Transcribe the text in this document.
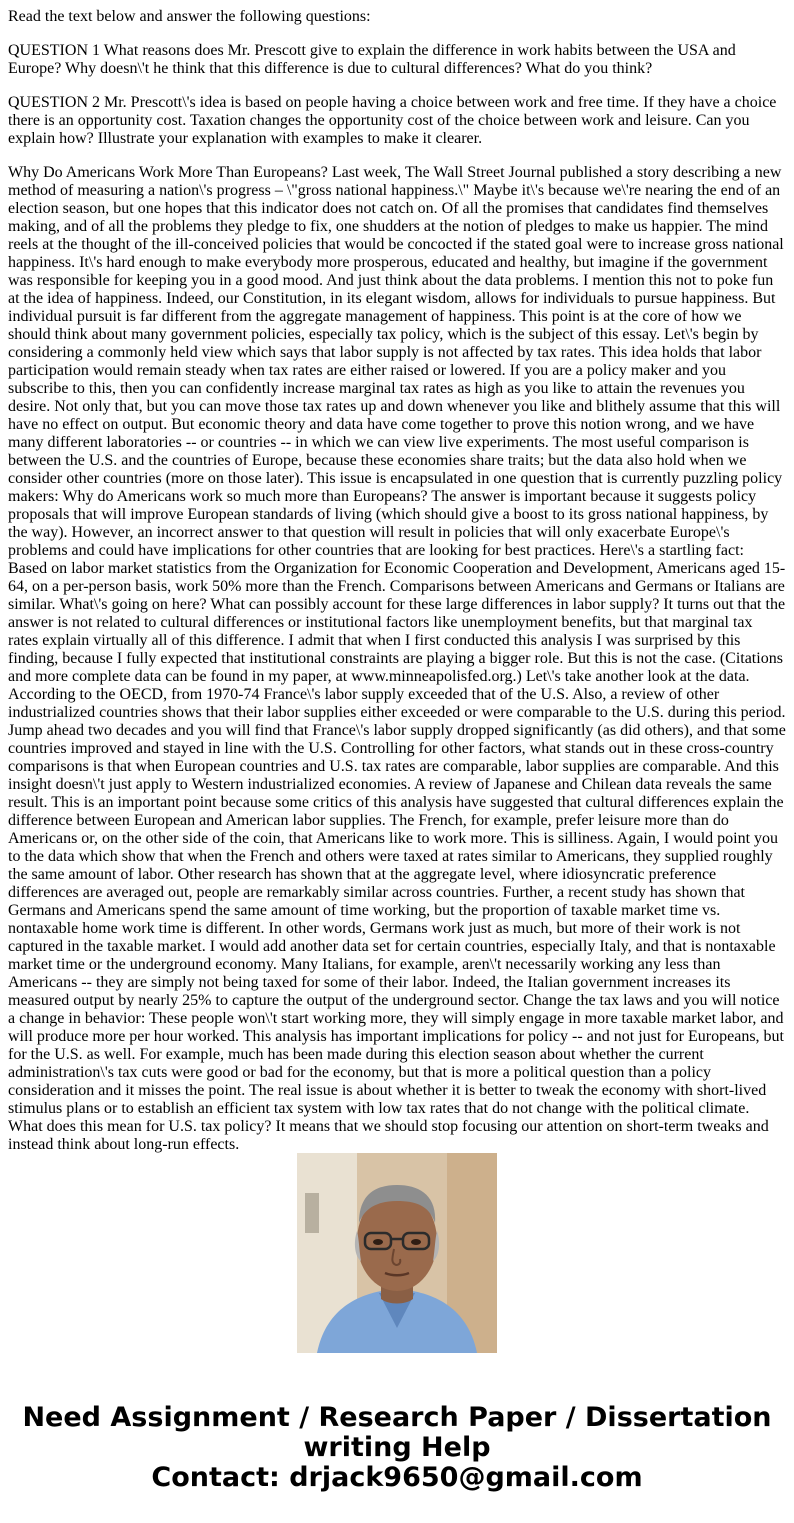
Read the text below and answer the following questions:

QUESTION 1 What reasons does Mr. Prescott give to explain the difference in work habits between the USA and Europe? Why doesn\'t he think that this difference is due to cultural differences? What do you think?

QUESTION 2 Mr. Prescott\'s idea is based on people having a choice between work and free time. If they have a choice there is an opportunity cost. Taxation changes the opportunity cost of the choice between work and leisure. Can you explain how? Illustrate your explanation with examples to make it clearer.

Why Do Americans Work More Than Europeans? Last week, The Wall Street Journal published a story describing a new method of measuring a nation\'s progress – \"gross national happiness.\" Maybe it\'s because we\'re nearing the end of an election season, but one hopes that this indicator does not catch on. Of all the promises that candidates find themselves making, and of all the problems they pledge to fix, one shudders at the notion of pledges to make us happier. The mind reels at the thought of the ill-conceived policies that would be concocted if the stated goal were to increase gross national happiness. It\'s hard enough to make everybody more prosperous, educated and healthy, but imagine if the government was responsible for keeping you in a good mood. And just think about the data problems. I mention this not to poke fun at the idea of happiness. Indeed, our Constitution, in its elegant wisdom, allows for individuals to pursue happiness. But individual pursuit is far different from the aggregate management of happiness. This point is at the core of how we should think about many government policies, especially tax policy, which is the subject of this essay. Let\'s begin by considering a commonly held view which says that labor supply is not affected by tax rates. This idea holds that labor participation would remain steady when tax rates are either raised or lowered. If you are a policy maker and you subscribe to this, then you can confidently increase marginal tax rates as high as you like to attain the revenues you desire. Not only that, but you can move those tax rates up and down whenever you like and blithely assume that this will have no effect on output. But economic theory and data have come together to prove this notion wrong, and we have many different laboratories -- or countries -- in which we can view live experiments. The most useful comparison is between the U.S. and the countries of Europe, because these economies share traits; but the data also hold when we consider other countries (more on those later). This issue is encapsulated in one question that is currently puzzling policy makers: Why do Americans work so much more than Europeans? The answer is important because it suggests policy proposals that will improve European standards of living (which should give a boost to its gross national happiness, by the way). However, an incorrect answer to that question will result in policies that will only exacerbate Europe\'s problems and could have implications for other countries that are looking for best practices. Here\'s a startling fact: Based on labor market statistics from the Organization for Economic Cooperation and Development, Americans aged 15-64, on a per-person basis, work 50% more than the French. Comparisons between Americans and Germans or Italians are similar. What\'s going on here? What can possibly account for these large differences in labor supply? It turns out that the answer is not related to cultural differences or institutional factors like unemployment benefits, but that marginal tax rates explain virtually all of this difference. I admit that when I first conducted this analysis I was surprised by this finding, because I fully expected that institutional constraints are playing a bigger role. But this is not the case. (Citations and more complete data can be found in my paper, at www.minneapolisfed.org.) Let\'s take another look at the data. According to the OECD, from 1970-74 France\'s labor supply exceeded that of the U.S. Also, a review of other industrialized countries shows that their labor supplies either exceeded or were comparable to the U.S. during this period. Jump ahead two decades and you will find that France\'s labor supply dropped significantly (as did others), and that some countries improved and stayed in line with the U.S. Controlling for other factors, what stands out in these cross-country comparisons is that when European countries and U.S. tax rates are comparable, labor supplies are comparable. And this insight doesn\'t just apply to Western industrialized economies. A review of Japanese and Chilean data reveals the same result. This is an important point because some critics of this analysis have suggested that cultural differences explain the difference between European and American labor supplies. The French, for example, prefer leisure more than do Americans or, on the other side of the coin, that Americans like to work more. This is silliness. Again, I would point you to the data which show that when the French and others were taxed at rates similar to Americans, they supplied roughly the same amount of labor. Other research has shown that at the aggregate level, where idiosyncratic preference differences are averaged out, people are remarkably similar across countries. Further, a recent study has shown that Germans and Americans spend the same amount of time working, but the proportion of taxable market time vs. nontaxable home work time is different. In other words, Germans work just as much, but more of their work is not captured in the taxable market. I would add another data set for certain countries, especially Italy, and that is nontaxable market time or the underground economy. Many Italians, for example, aren\'t necessarily working any less than Americans -- they are simply not being taxed for some of their labor. Indeed, the Italian government increases its measured output by nearly 25% to capture the output of the underground sector. Change the tax laws and you will notice a change in behavior: These people won\'t start working more, they will simply engage in more taxable market labor, and will produce more per hour worked. This analysis has important implications for policy -- and not just for Europeans, but for the U.S. as well. For example, much has been made during this election season about whether the current administration\'s tax cuts were good or bad for the economy, but that is more a political question than a policy consideration and it misses the point. The real issue is about whether it is better to tweak the economy with short-lived stimulus plans or to establish an efficient tax system with low tax rates that do not change with the political climate. What does this mean for U.S. tax policy? It means that we should stop focusing our attention on short-term tweaks and instead think about long-run effects.

Need Assignment / Research Paper / Dissertation
writing Help
Contact: drjack9650@gmail.com
